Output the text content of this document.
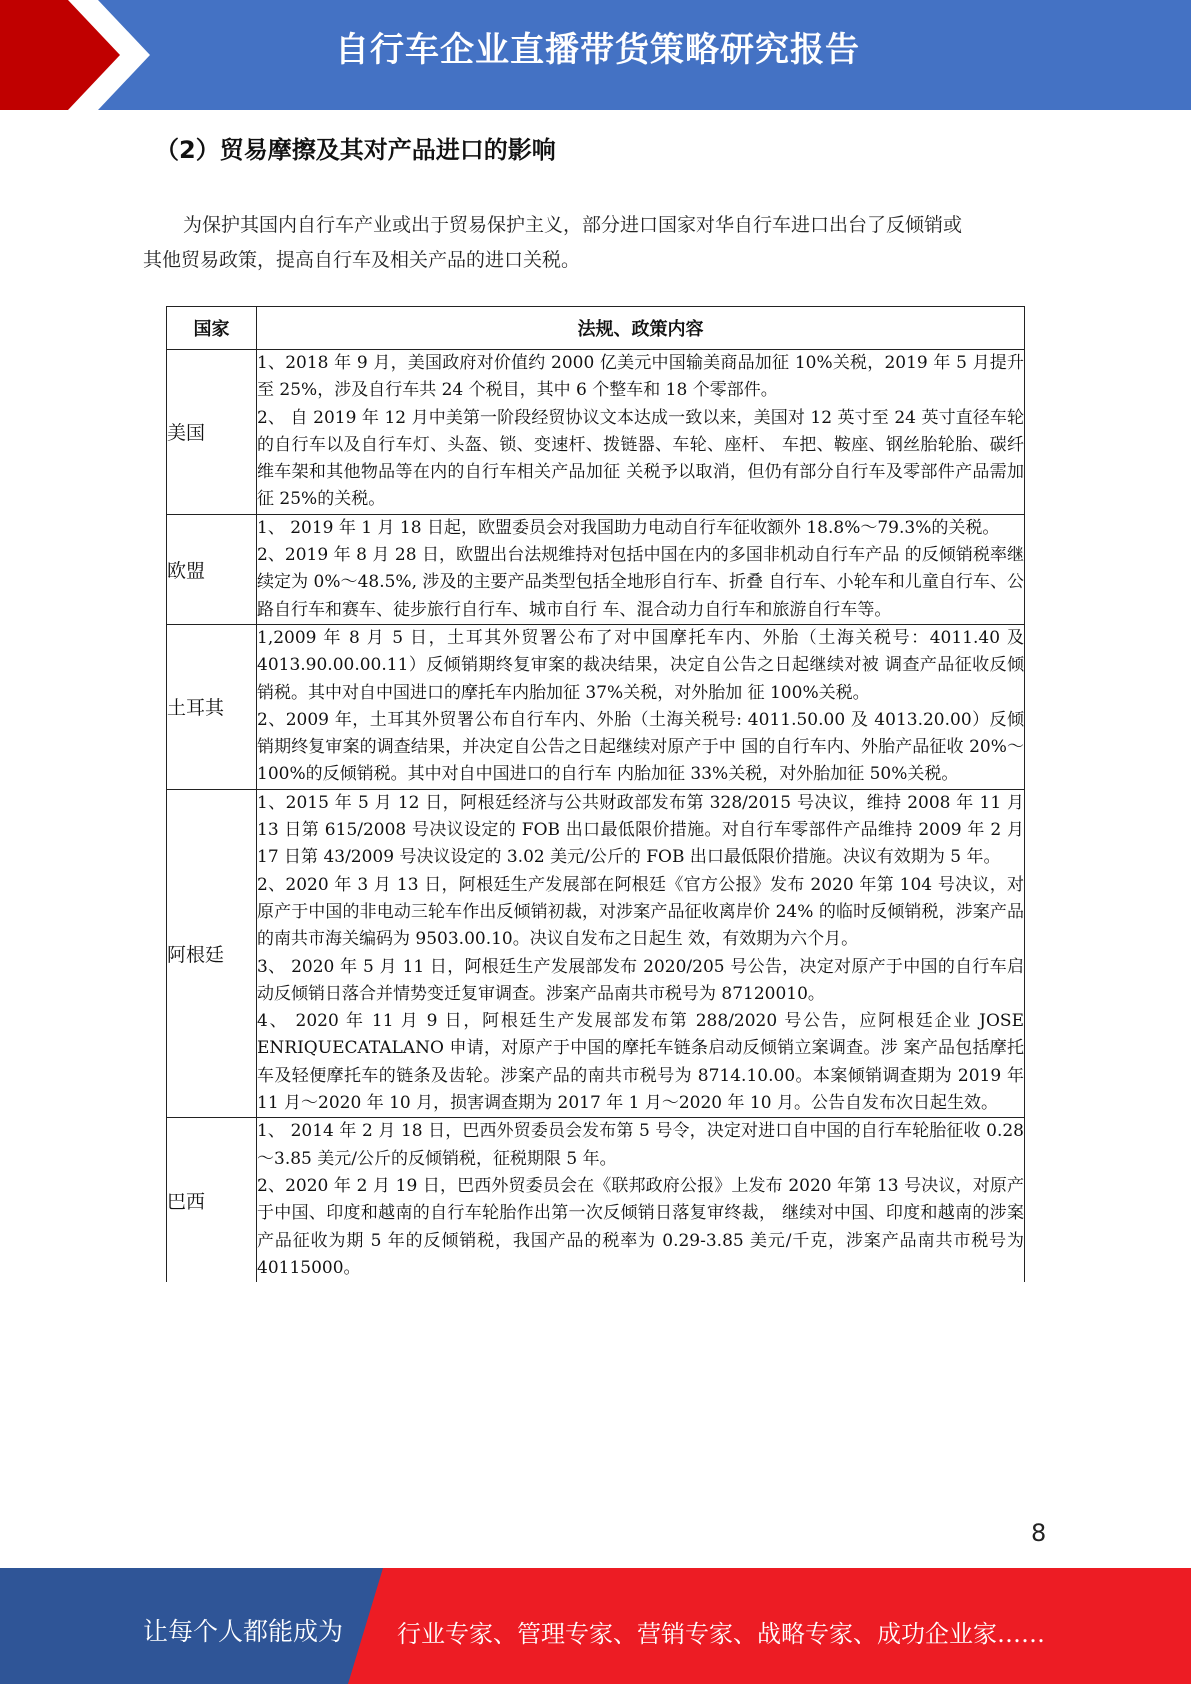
自行车企业直播带货策略研究报告
（2）贸易摩擦及其对产品进口的影响
为保护其国内自行车产业或出于贸易保护主义，部分进口国家对华自行车进口出台了反倾销或
其他贸易政策，提高自行车及相关产品的进口关税。
国家	法规、政策内容
美国	1、2018 年 9 月，美国政府对价值约 2000 亿美元中国输美商品加征 10%关税，2019 年 5 月提升至 25%，涉及自行车共 24 个税目，其中 6 个整车和 18 个零部件。

2、 自 2019 年 12 月中美第一阶段经贸协议文本达成一致以来，美国对 12 英寸至 24 英寸直径车轮的自行车以及自行车灯、头盔、锁、变速杆、拨链器、车轮、座杆、 车把、鞍座、钢丝胎轮胎、碳纤维车架和其他物品等在内的自行车相关产品加征 关税予以取消，但仍有部分自行车及零部件产品需加征 25%的关税。

欧盟	1、 2019 年 1 月 18 日起，欧盟委员会对我国助力电动自行车征收额外 18.8%～79.3%的关税。

2、2019 年 8 月 28 日，欧盟出台法规维持对包括中国在内的多国非机动自行车产品 的反倾销税率继续定为 0%～48.5%, 涉及的主要产品类型包括全地形自行车、折叠 自行车、小轮车和儿童自行车、公路自行车和赛车、徒步旅行自行车、城市自行 车、混合动力自行车和旅游自行车等。

土耳其	1,2009 年 8 月 5 日，土耳其外贸署公布了对中国摩托车内、外胎（土海关税号：4011.40 及 4013.90.00.00.11）反倾销期终复审案的裁决结果，决定自公告之日起继续对被 调查产品征收反倾销税。其中对自中国进口的摩托车内胎加征 37%关税，对外胎加 征 100%关税。

2、2009 年，土耳其外贸署公布自行车内、外胎（土海关税号: 4011.50.00 及 4013.20.00）反倾销期终复审案的调查结果，并决定自公告之日起继续对原产于中 国的自行车内、外胎产品征收 20%～100%的反倾销税。其中对自中国进口的自行车 内胎加征 33%关税，对外胎加征 50%关税。

阿根廷	1、2015 年 5 月 12 日，阿根廷经济与公共财政部发布第 328/2015 号决议，维持 2008 年 11 月 13 日第 615/2008 号决议设定的 FOB 出口最低限价措施。对自行车零部件产品维持 2009 年 2 月 17 日第 43/2009 号决议设定的 3.02 美元/公斤的 FOB 出口最低限价措施。决议有效期为 5 年。

2、2020 年 3 月 13 日，阿根廷生产发展部在阿根廷《官方公报》发布 2020 年第 104 号决议，对原产于中国的非电动三轮车作出反倾销初裁，对涉案产品征收离岸价 24% 的临时反倾销税，涉案产品的南共市海关编码为 9503.00.10。决议自发布之日起生 效，有效期为六个月。

3、 2020 年 5 月 11 日，阿根廷生产发展部发布 2020/205 号公告，决定对原产于中国的自行车启动反倾销日落合并情势变迁复审调查。涉案产品南共市税号为 87120010。

4、 2020 年 11 月 9 日，阿根廷生产发展部发布第 288/2020 号公告，应阿根廷企业 JOSE ENRIQUECATALANO 申请，对原产于中国的摩托车链条启动反倾销立案调查。涉 案产品包括摩托车及轻便摩托车的链条及齿轮。涉案产品的南共市税号为 8714.10.00。本案倾销调查期为 2019 年 11 月～2020 年 10 月，损害调查期为 2017 年 1 月～2020 年 10 月。公告自发布次日起生效。

巴西	1、 2014 年 2 月 18 日，巴西外贸委员会发布第 5 号令，决定对进口自中国的自行车轮胎征收 0.28～3.85 美元/公斤的反倾销税，征税期限 5 年。

2、2020 年 2 月 19 日，巴西外贸委员会在《联邦政府公报》上发布 2020 年第 13 号决议，对原产于中国、印度和越南的自行车轮胎作出第一次反倾销日落复审终裁， 继续对中国、印度和越南的涉案产品征收为期 5 年的反倾销税，我国产品的税率为 0.29-3.85 美元/千克，涉案产品南共市税号为 40115000。

8
让每个人都能成为 行业专家、管理专家、营销专家、战略专家、成功企业家……
